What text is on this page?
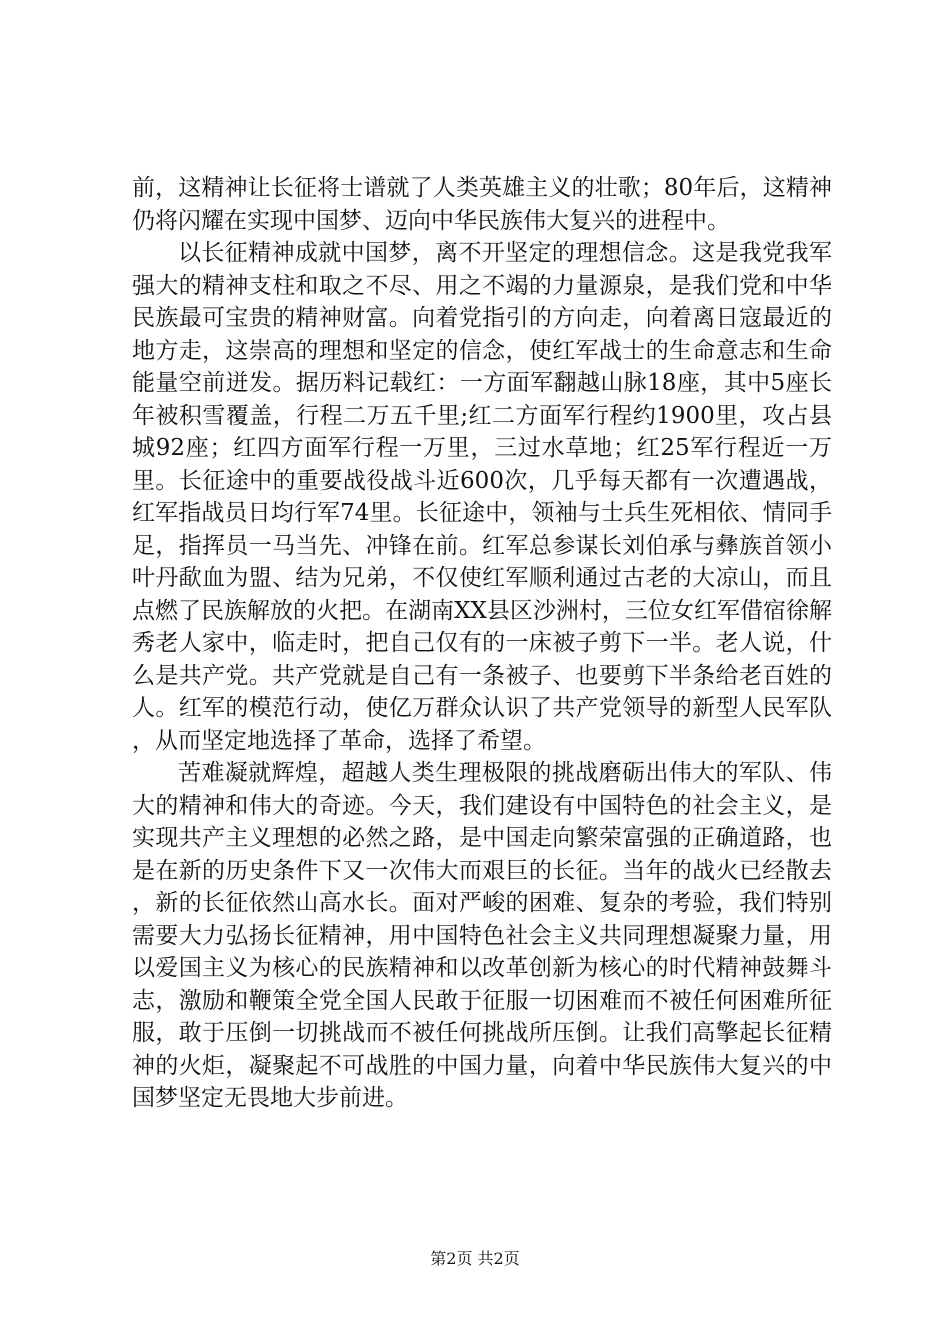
前，这精神让长征将士谱就了人类英雄主义的壮歌；80年后，这精神仍将闪耀在实现中国梦、迈向中华民族伟大复兴的进程中。

以长征精神成就中国梦，离不开坚定的理想信念。这是我党我军强大的精神支柱和取之不尽、用之不竭的力量源泉，是我们党和中华民族最可宝贵的精神财富。向着党指引的方向走，向着离日寇最近的地方走，这崇高的理想和坚定的信念，使红军战士的生命意志和生命能量空前迸发。据历料记载红：一方面军翻越山脉18座，其中5座长年被积雪覆盖，行程二万五千里;红二方面军行程约1900里，攻占县城92座；红四方面军行程一万里，三过水草地；红25军行程近一万里。长征途中的重要战役战斗近600次，几乎每天都有一次遭遇战，红军指战员日均行军74里。长征途中，领袖与士兵生死相依、情同手足，指挥员一马当先、冲锋在前。红军总参谋长刘伯承与彝族首领小叶丹歃血为盟、结为兄弟，不仅使红军顺利通过古老的大凉山，而且点燃了民族解放的火把。在湖南XX县区沙洲村，三位女红军借宿徐解秀老人家中，临走时，把自己仅有的一床被子剪下一半。老人说，什么是共产党。共产党就是自己有一条被子、也要剪下半条给老百姓的人。红军的模范行动，使亿万群众认识了共产党领导的新型人民军队，从而坚定地选择了革命，选择了希望。

苦难凝就辉煌，超越人类生理极限的挑战磨砺出伟大的军队、伟大的精神和伟大的奇迹。今天，我们建设有中国特色的社会主义，是实现共产主义理想的必然之路，是中国走向繁荣富强的正确道路，也是在新的历史条件下又一次伟大而艰巨的长征。当年的战火已经散去，新的长征依然山高水长。面对严峻的困难、复杂的考验，我们特别需要大力弘扬长征精神，用中国特色社会主义共同理想凝聚力量，用以爱国主义为核心的民族精神和以改革创新为核心的时代精神鼓舞斗志，激励和鞭策全党全国人民敢于征服一切困难而不被任何困难所征服，敢于压倒一切挑战而不被任何挑战所压倒。让我们高擎起长征精神的火炬，凝聚起不可战胜的中国力量，向着中华民族伟大复兴的中国梦坚定无畏地大步前进。

第2页 共2页
